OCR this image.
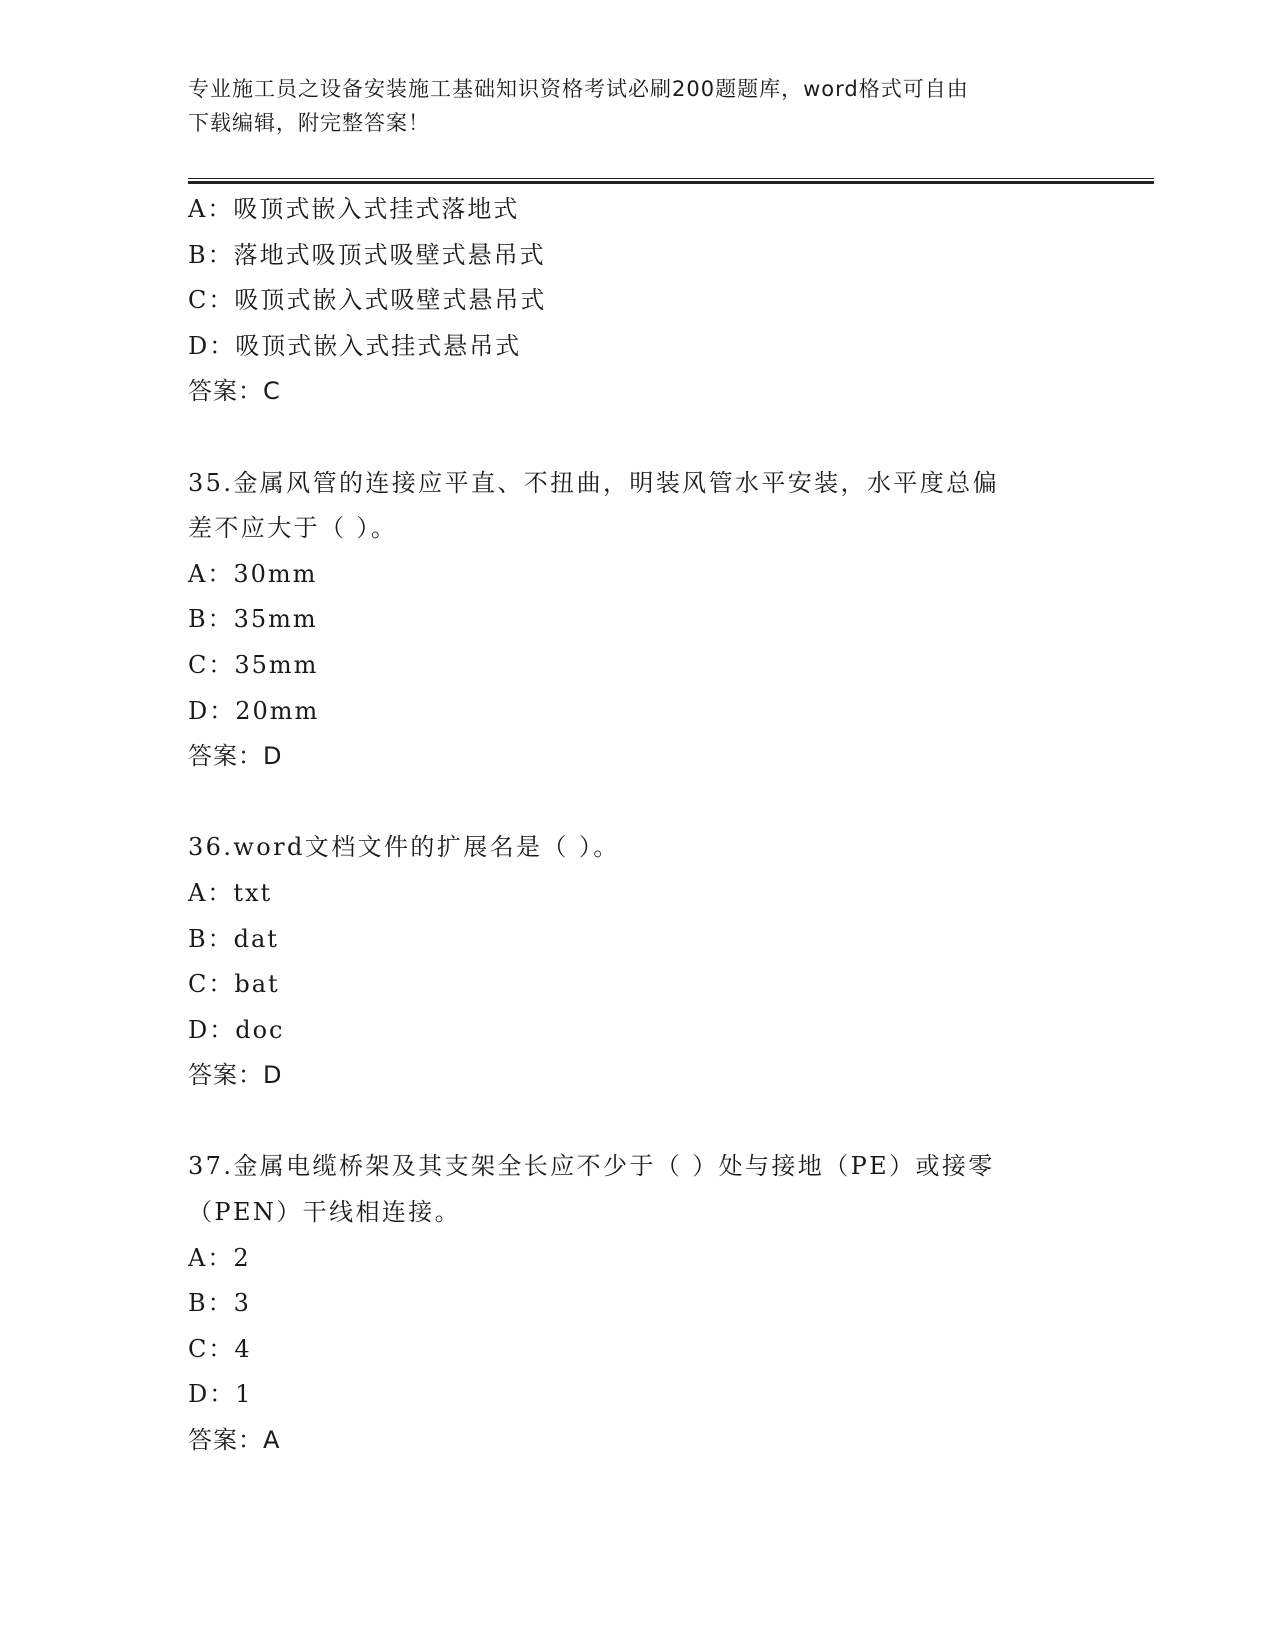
专业施工员之设备安装施工基础知识资格考试必刷200题题库，word格式可自由
下载编辑，附完整答案！
A：吸顶式嵌入式挂式落地式
B：落地式吸顶式吸壁式悬吊式
C：吸顶式嵌入式吸壁式悬吊式
D：吸顶式嵌入式挂式悬吊式
答案：C
35.金属风管的连接应平直、不扭曲，明装风管水平安装，水平度总偏
差不应大于（ ）。
A：30mm
B：35mm
C：35mm
D：20mm
答案：D
36.word文档文件的扩展名是（ ）。
A：txt
B：dat
C：bat
D：doc
答案：D
37.金属电缆桥架及其支架全长应不少于（ ）处与接地（PE）或接零
（PEN）干线相连接。
A：2
B：3
C：4
D：1
答案：A
